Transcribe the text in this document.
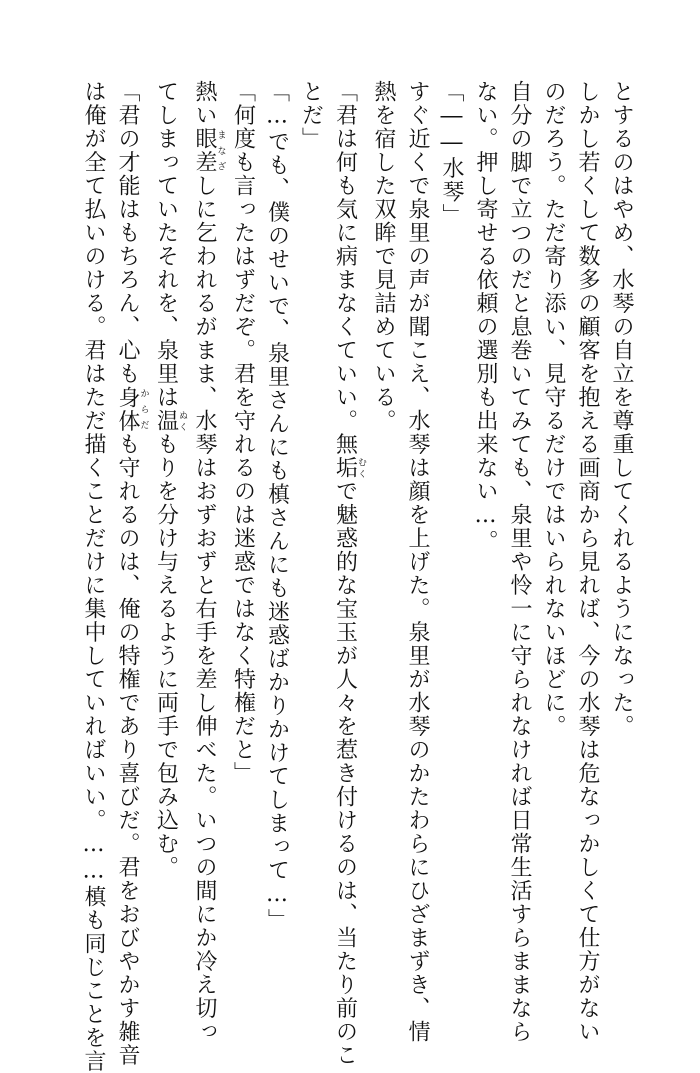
とするのはやめ、水琴の自立を尊重してくれるようになった。
しかし若くして数多の顧客を抱える画商から見れば、今の水琴は危なっかしくて仕方がない
のだろう。ただ寄り添い、見守るだけではいられないほどに。
自分の脚で立つのだと息巻いてみても、泉里や怜一に守られなければ日常生活すらままなら
ない。押し寄せる依頼の選別も出来ない…。
「――水琴」
すぐ近くで泉里の声が聞こえ、水琴は顔を上げた。泉里が水琴のかたわらにひざまずき、情
熱を宿した双眸で見詰めている。
「君は何も気に病まなくていい。無垢むくで魅惑的な宝玉が人々を惹き付けるのは、当たり前のこ
とだ」
「…でも、僕のせいで、泉里さんにも槙さんにも迷惑ばかりかけてしまって…」
「何度も言ったはずだぞ。君を守れるのは迷惑ではなく特権だと」
熱い眼差まなざしに乞われるがまま、水琴はおずおずと右手を差し伸べた。いつの間にか冷え切っ
てしまっていたそれを、泉里は温ぬくもりを分け与えるように両手で包み込む。
「君の才能はもちろん、心も身体からだも守れるのは、俺の特権であり喜びだ。君をおびやかす雑音
は俺が全て払いのける。君はただ描くことだけに集中していればいい。……槙も同じことを言
